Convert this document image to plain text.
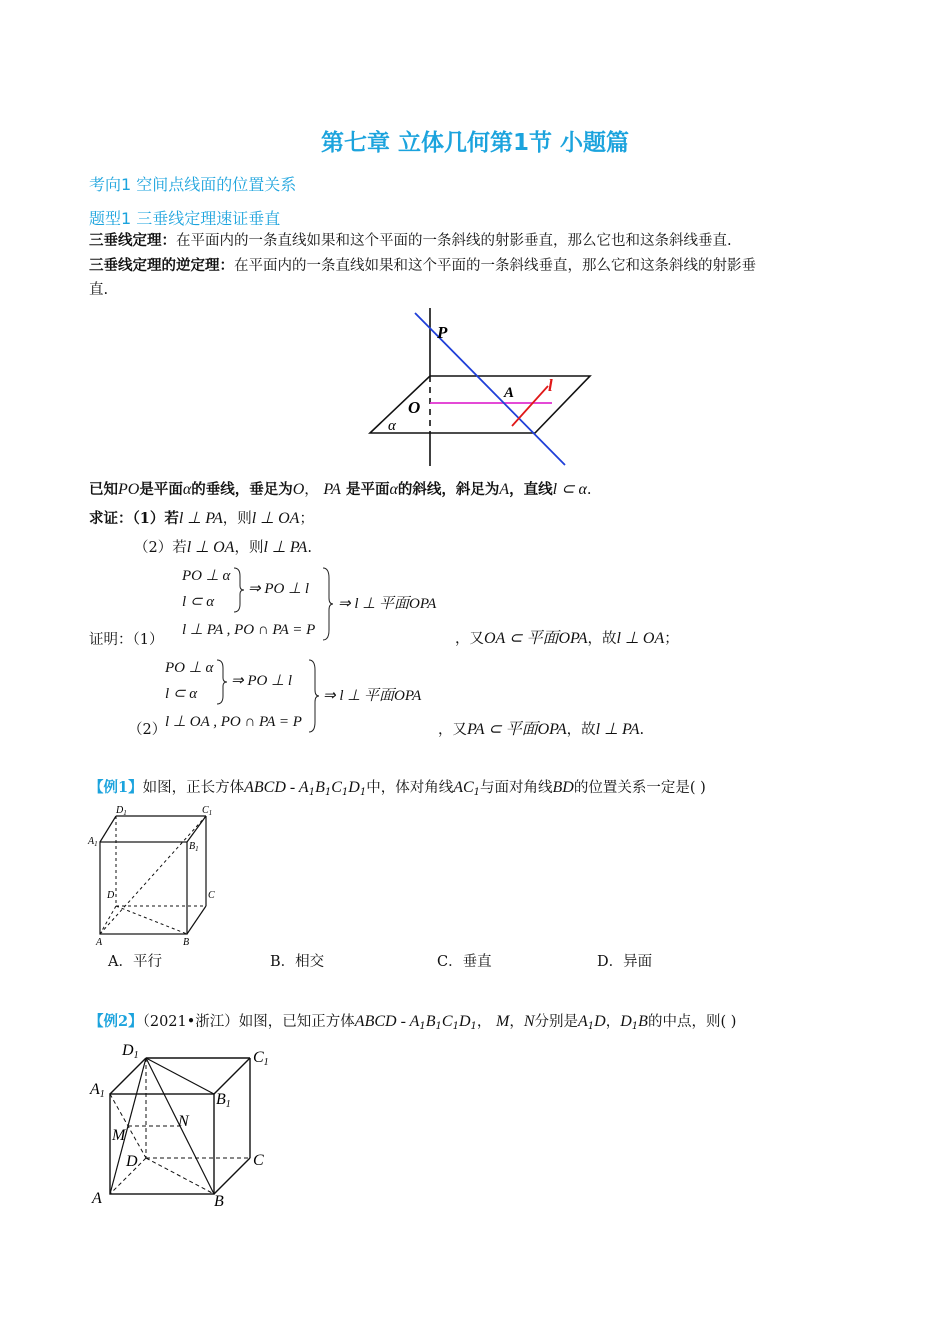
第七章 立体几何第1节 小题篇
考向1 空间点线面的位置关系
题型1 三垂线定理速证垂直
三垂线定理：在平面内的一条直线如果和这个平面的一条斜线的射影垂直，那么它也和这条斜线垂直.
三垂线定理的逆定理：在平面内的一条直线如果和这个平面的一条斜线垂直，那么它和这条斜线的射影垂
直.
P
A
O
l
α
已知PO是平面α的垂线，垂足为O， PA 是平面α的斜线，斜足为A，直线l ⊂ α.
求证：（1）若l ⊥ PA，则l ⊥ OA；
（2）若l ⊥ OA，则l ⊥ PA.
证明：（1）
PO ⊥ α
l ⊂ α
⇒ PO ⊥ l
l ⊥ PA , PO ∩ PA = P
⇒ l ⊥ 平面OPA
，又OA ⊂ 平面OPA，故l ⊥ OA；
（2）
PO ⊥ α
l ⊂ α
⇒ PO ⊥ l
l ⊥ OA , PO ∩ PA = P
⇒ l ⊥ 平面OPA
，又PA ⊂ 平面OPA，故l ⊥ PA.
【例1】如图，正长方体ABCD - $A_1B_1C_1D_1$中，体对角线$AC_1$与面对角线BD的位置关系一定是( )
$D_1$	$C_1$
$A_1$	$B_1$
D	C
A	B
A．平行	B．相交	C．垂直	D．异面
【例2】（2021•浙江）如图，已知正方体ABCD - $A_1B_1C_1D_1$， M，N分别是$A_1D$，$D_1B$的中点，则( )
D1	C1
A1	B1
M
N
D	C
A	B
